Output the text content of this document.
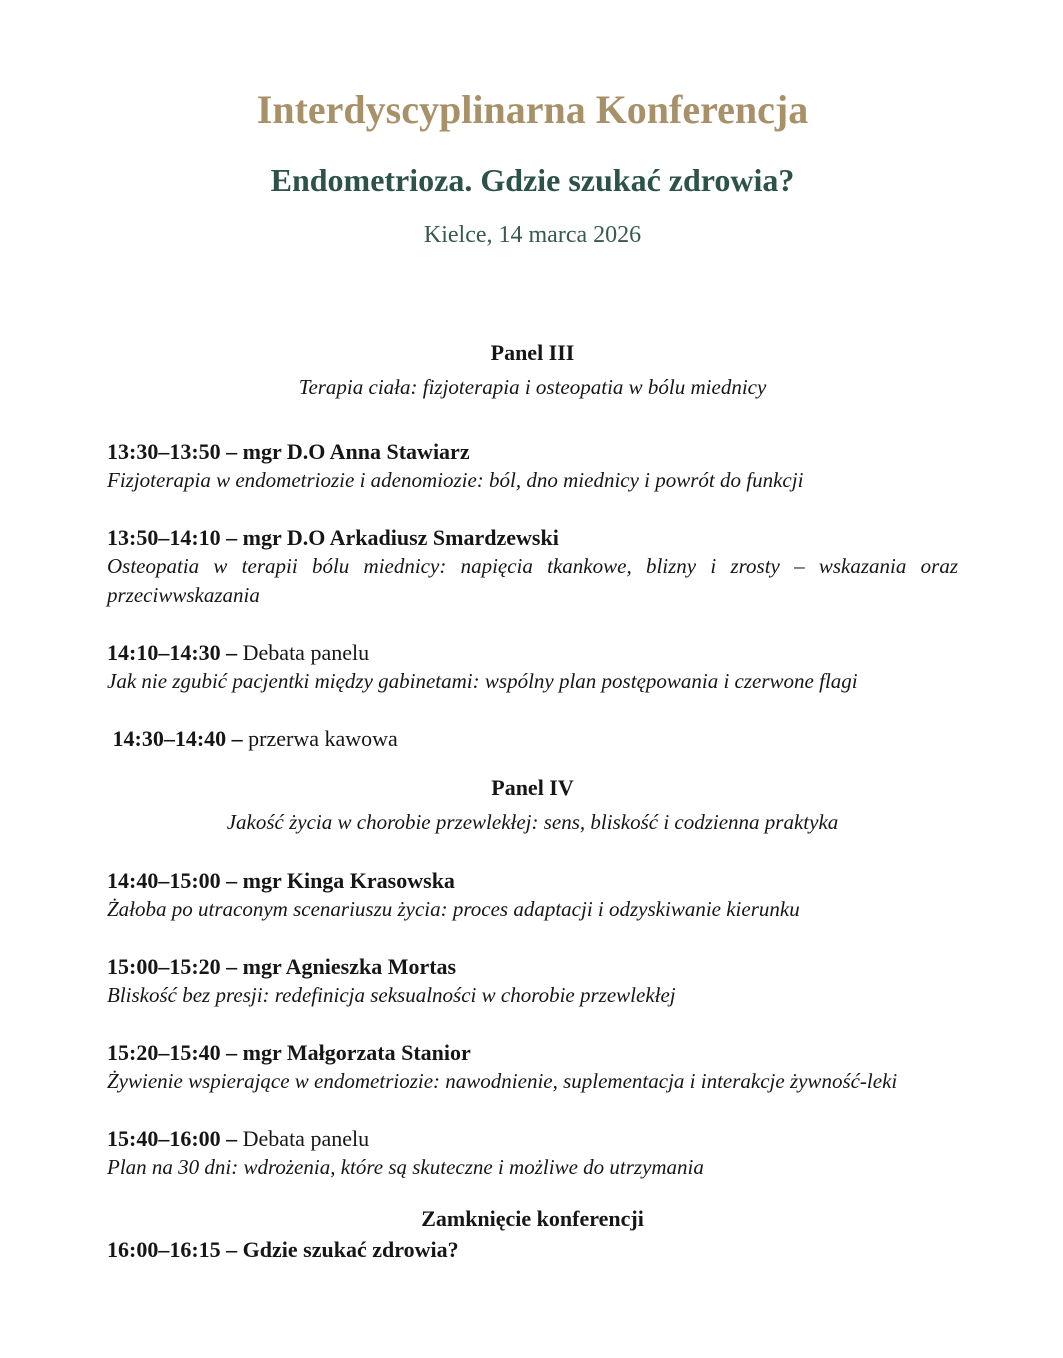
Interdyscyplinarna Konferencja
Endometrioza. Gdzie szukać zdrowia?

Kielce, 14 marca 2026

Panel III

Terapia ciała: fizjoterapia i osteopatia w bólu miednicy

13:30–13:50 – mgr D.O Anna Stawiarz

Fizjoterapia w endometriozie i adenomiozie: ból, dno miednicy i powrót do funkcji

13:50–14:10 – mgr D.O Arkadiusz Smardzewski

Osteopatia w terapii bólu miednicy: napięcia tkankowe, blizny i zrosty – wskazania oraz przeciwwskazania

14:10–14:30 – Debata panelu

Jak nie zgubić pacjentki między gabinetami: wspólny plan postępowania i czerwone flagi

14:30–14:40 – przerwa kawowa

Panel IV

Jakość życia w chorobie przewlekłej: sens, bliskość i codzienna praktyka

14:40–15:00 – mgr Kinga Krasowska

Żałoba po utraconym scenariuszu życia: proces adaptacji i odzyskiwanie kierunku

15:00–15:20 – mgr Agnieszka Mortas

Bliskość bez presji: redefinicja seksualności w chorobie przewlekłej

15:20–15:40 – mgr Małgorzata Stanior

Żywienie wspierające w endometriozie: nawodnienie, suplementacja i interakcje żywność-leki

15:40–16:00 – Debata panelu

Plan na 30 dni: wdrożenia, które są skuteczne i możliwe do utrzymania

Zamknięcie konferencji

16:00–16:15 – Gdzie szukać zdrowia?
